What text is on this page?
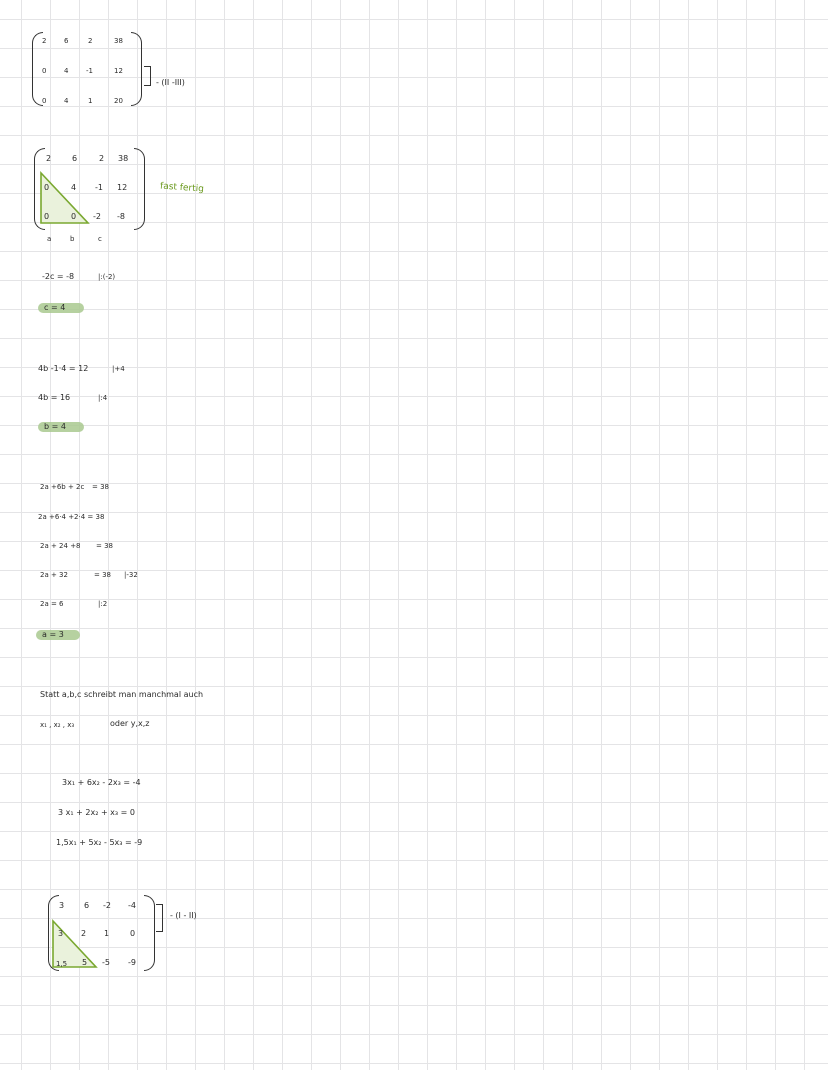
2	6	2	38
0	4	-1	12
0	4	1	20
- (II -III)
2	6	2 38
0	4 -1 12
0	0 -2 -8
a	b	c
fast fertig
-2c = -8	|:(-2)
c = 4
4b -1·4 = 12	|+4
4b = 16	|:4
b = 4
2a +6b + 2c = 38
2a +6·4 +2·4 = 38
2a + 24 +8 = 38
2a + 32	= 38 |-32
2a = 6	|:2
a = 3
Statt a,b,c schreibt man manchmal auch
x₁ , x₂ , x₃	oder y,x,z
3x₁ + 6x₂ - 2x₃ = -4
3 x₁ + 2x₂ + x₃ = 0
1,5x₁ + 5x₂ - 5x₃ = -9
3 6 -2 -4
3 2 1	0
1,5 5 -5 -9
- (I - II)
